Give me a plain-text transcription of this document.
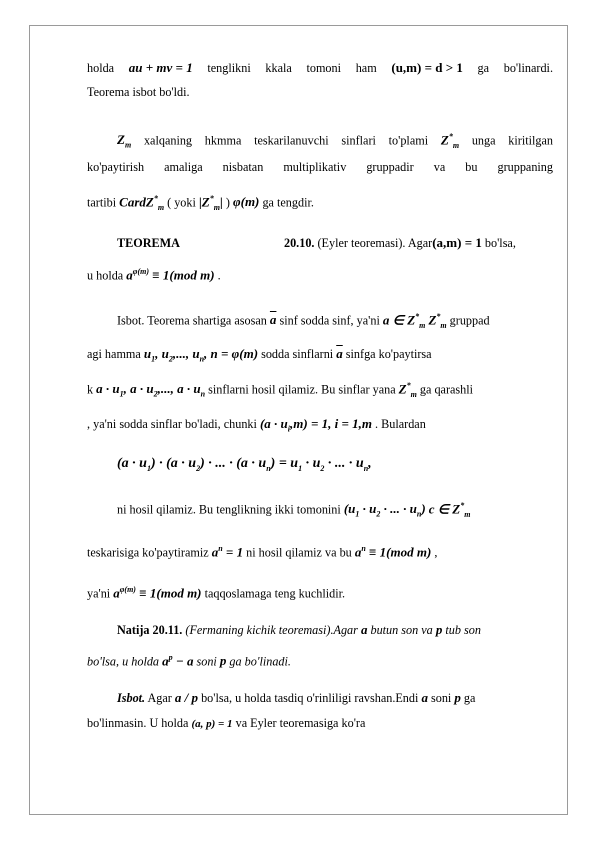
holda au + mv = 1 tenglikni kkala tomoni ham (u,m) = d > 1 ga bo'linardi.
Teorema isbot bo'ldi.
$Z_m$ xalqaning hkmma teskarilanuvchi sinflari to'plami $Z^*_m$ unga kiritilgan
ko'paytirish amaliga nisbatan multiplikativ gruppadir va bu gruppaning
tartibi CardZ*$_m$ ( yoki $|Z^*_m|$ ) φ(m) ga tengdir.
TEOREMA	20.10. (Eyler teoremasi). Agar(a,m) = 1 bo'lsa,
u holda $a^{\varphi(m)} \equiv 1(mod$ m) .
Isbot. Teorema shartiga asosan $\overline{a}$ sinf sodda sinf, ya'ni a ∈ $Z^*_m$ $Z^*_m$ gruppad
agi hamma $u_1$, $u_2$,..., $u_n$, n = φ(m) sodda sinflarni $\overline{a}$ sinfga ko'paytirsa
k $a \cdot u_1$, $a \cdot u_2$,..., $a \cdot u_n$ sinflarni hosil qilamiz. Bu sinflar yana $Z^*_m$ ga qarashli
, ya'ni sodda sinflar bo'ladi, chunki $(a \cdot u_i,m) = 1$, i = 1,m . Bulardan
$(a \cdot u_1) \cdot (a \cdot u_2)$ · ... · $(a \cdot u_n) = u_1 \cdot u_2$ · ... · $u_n$,
ni hosil qilamiz. Bu tenglikning ikki tomonini ($u_1 \cdot u_2$ · ... · $u_n$) c ∈ $Z^*_m$
teskarisiga ko'paytiramiz $a^n = 1$ ni hosil qilamiz va bu $a^n \equiv 1(mod$ m) ,
ya'ni $a^{\varphi(m)} \equiv 1(mod$ m) taqqoslamaga teng kuchlidir.
Natija 20.11. (Fermaning kichik teoremasi).Agar a butun son va p tub son
bo'lsa, u holda $a^p - a$ soni p ga bo'linadi.
Isbot. Agar a / p bo'lsa, u holda tasdiq o'rinliligi ravshan.Endi a soni p ga
bo'linmasin. U holda (a, p) = 1 va Eyler teoremasiga ko'ra
